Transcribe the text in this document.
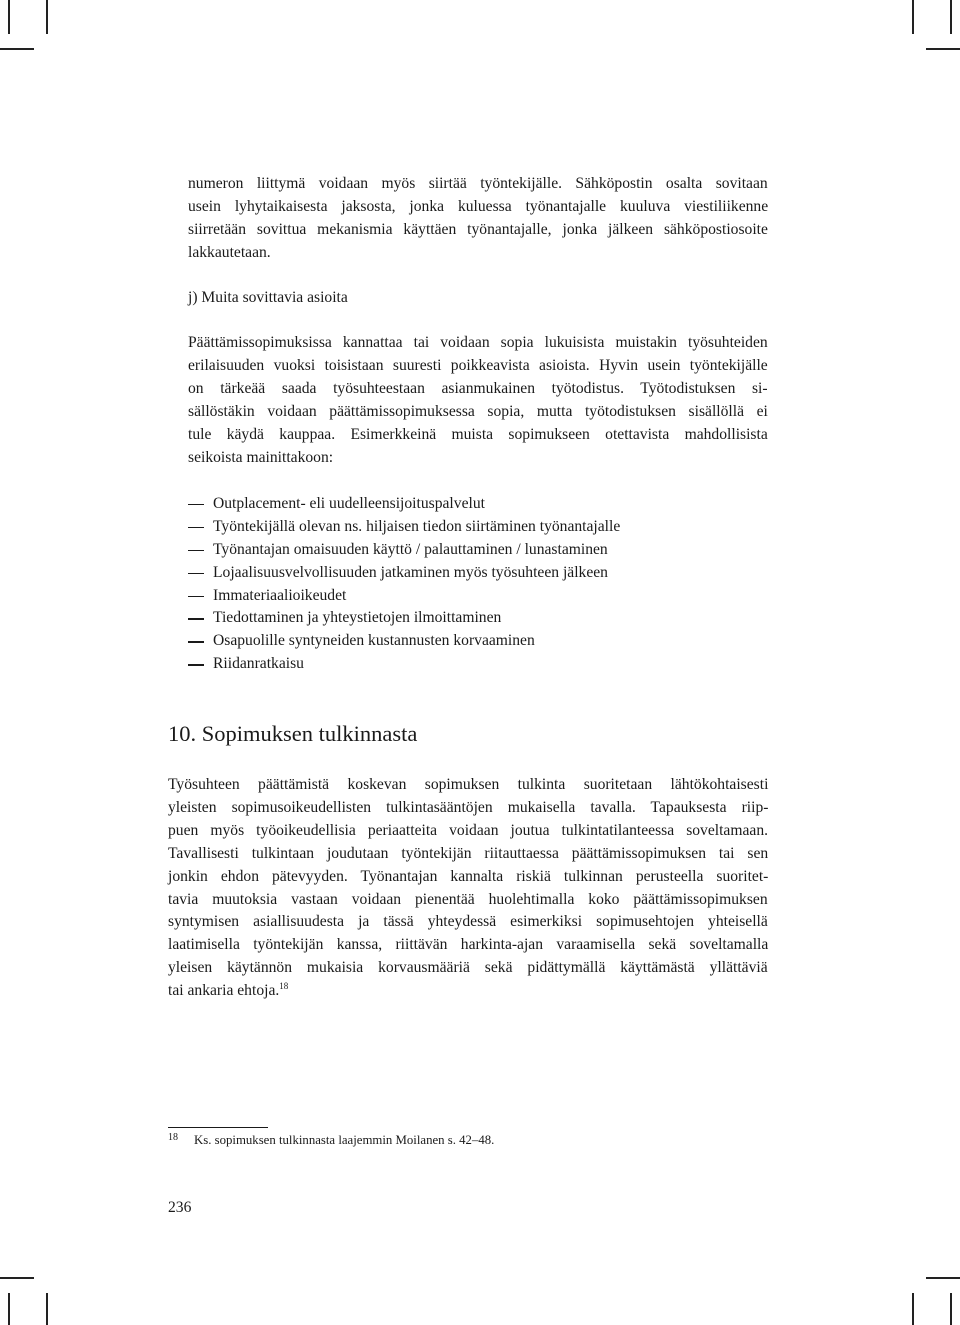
numeron liittymä voidaan myös siirtää työntekijälle. Sähköpostin osalta sovitaan
usein lyhytaikaisesta jaksosta, jonka kuluessa työnantajalle kuuluva viestiliikenne
siirretään sovittua mekanismia käyttäen työnantajalle, jonka jälkeen sähköpostiosoite
lakkautetaan.
j) Muita sovittavia asioita
Päättämissopimuksissa kannattaa tai voidaan sopia lukuisista muistakin työsuhteiden
erilaisuuden vuoksi toisistaan suuresti poikkeavista asioista. Hyvin usein työntekijälle
on tärkeää saada työsuhteestaan asianmukainen työtodistus. Työtodistuksen si-
sällöstäkin voidaan päättämissopimuksessa sopia, mutta työtodistuksen sisällöllä ei
tule käydä kauppaa. Esimerkkeinä muista sopimukseen otettavista mahdollisista
seikoista mainittakoon:
Outplacement- eli uudelleensijoituspalvelut
Työntekijällä olevan ns. hiljaisen tiedon siirtäminen työnantajalle
Työnantajan omaisuuden käyttö / palauttaminen / lunastaminen
Lojaalisuusvelvollisuuden jatkaminen myös työsuhteen jälkeen
Immateriaalioikeudet
Tiedottaminen ja yhteystietojen ilmoittaminen
Osapuolille syntyneiden kustannusten korvaaminen
Riidanratkaisu
10. Sopimuksen tulkinnasta
Työsuhteen päättämistä koskevan sopimuksen tulkinta suoritetaan lähtökohtaisesti
yleisten sopimusoikeudellisten tulkintasääntöjen mukaisella tavalla. Tapauksesta riip-
puen myös työoikeudellisia periaatteita voidaan joutua tulkintatilanteessa soveltamaan.
Tavallisesti tulkintaan joudutaan työntekijän riitauttaessa päättämissopimuksen tai sen
jonkin ehdon pätevyyden. Työnantajan kannalta riskiä tulkinnan perusteella suoritet-
tavia muutoksia vastaan voidaan pienentää huolehtimalla koko päättämissopimuksen
syntymisen asiallisuudesta ja tässä yhteydessä esimerkiksi sopimusehtojen yhteisellä
laatimisella työntekijän kanssa, riittävän harkinta-ajan varaamisella sekä soveltamalla
yleisen käytännön mukaisia korvausmääriä sekä pidättymällä käyttämästä yllättäviä
tai ankaria ehtoja.$^{18}$
18 Ks. sopimuksen tulkinnasta laajemmin Moilanen s. 42–48.
236
